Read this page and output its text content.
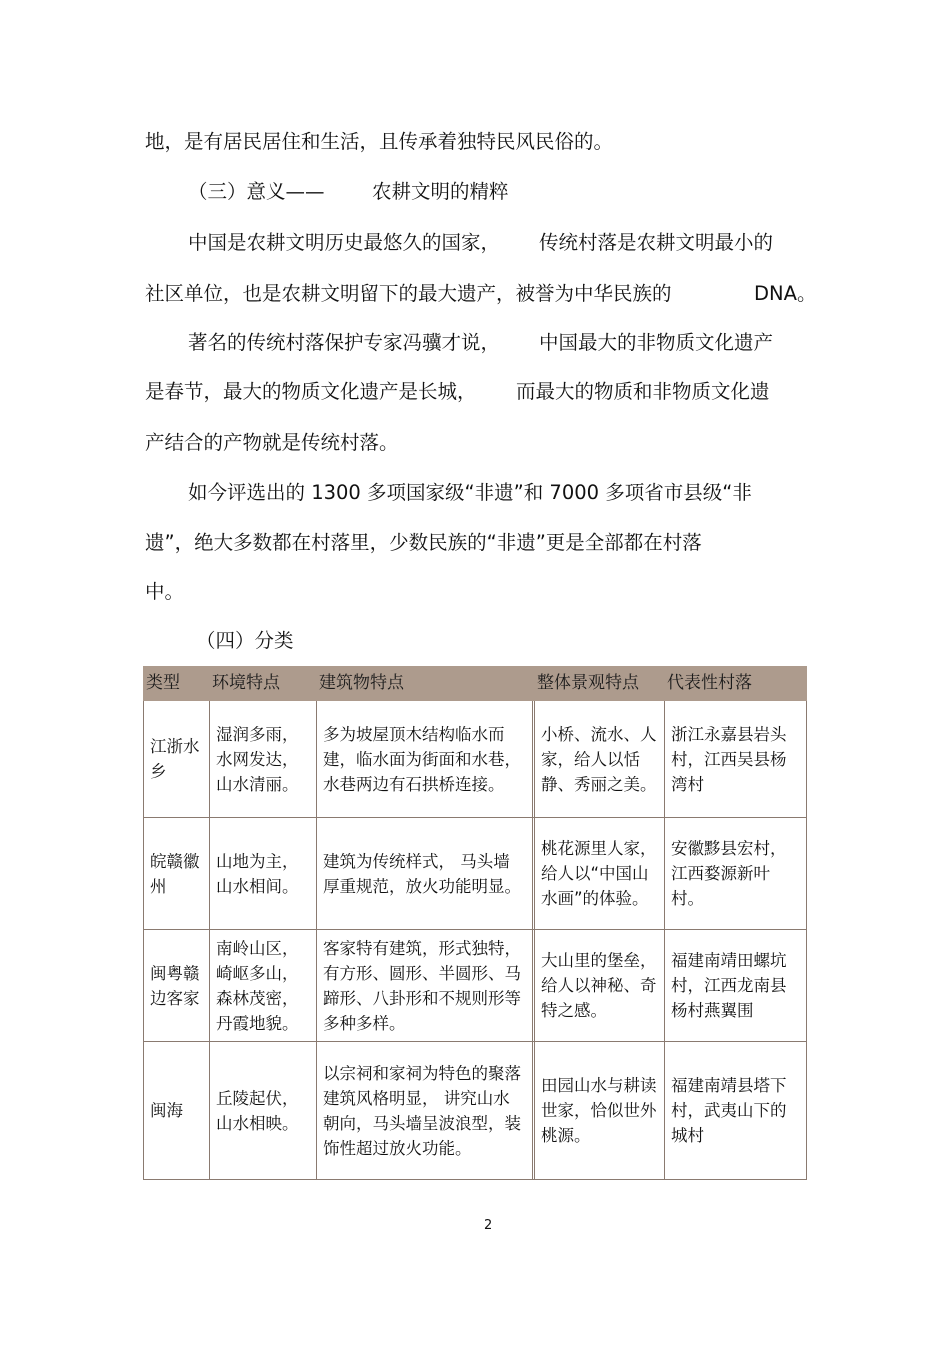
地，是有居民居住和生活，且传承着独特民风民俗的。
（三）意义—— 农耕文明的精粹
中国是农耕文明历史最悠久的国家， 传统村落是农耕文明最小的
社区单位，也是农耕文明留下的最大遗产，被誉为中华民族的	DNA。
著名的传统村落保护专家冯骥才说， 中国最大的非物质文化遗产
是春节，最大的物质文化遗产是长城， 而最大的物质和非物质文化遗
产结合的产物就是传统村落。
如今评选出的 1300 多项国家级“非遗”和 7000 多项省市县级“非
遗”，绝大多数都在村落里，少数民族的“非遗”更是全部都在村落
中。
（四）分类
类型	环境特点	建筑物特点		整体景观特点	代表性村落
江浙水乡	湿润多雨，水网发达，山水清丽。	多为坡屋顶木结构临水而建，临水面为街面和水巷，水巷两边有石拱桥连接。		小桥、流水、人家，给人以恬静、秀丽之美。	浙江永嘉县岩头村，江西吴县杨湾村
皖赣徽州	山地为主，山水相间。	建筑为传统样式， 马头墙厚重规范，放火功能明显。		桃花源里人家，给人以“中国山水画”的体验。	安徽黟县宏村，江西婺源新叶村。
闽粤赣边客家	南岭山区，崎岖多山，森林茂密，丹霞地貌。	客家特有建筑，形式独特，有方形、圆形、半圆形、马蹄形、八卦形和不规则形等多种多样。		大山里的堡垒，给人以神秘、奇特之感。	福建南靖田螺坑村，江西龙南县杨村燕翼围
闽海	丘陵起伏，山水相映。	以宗祠和家祠为特色的聚落建筑风格明显， 讲究山水朝向，马头墙呈波浪型，装饰性超过放火功能。		田园山水与耕读世家，恰似世外桃源。	福建南靖县塔下村，武夷山下的城村
2
